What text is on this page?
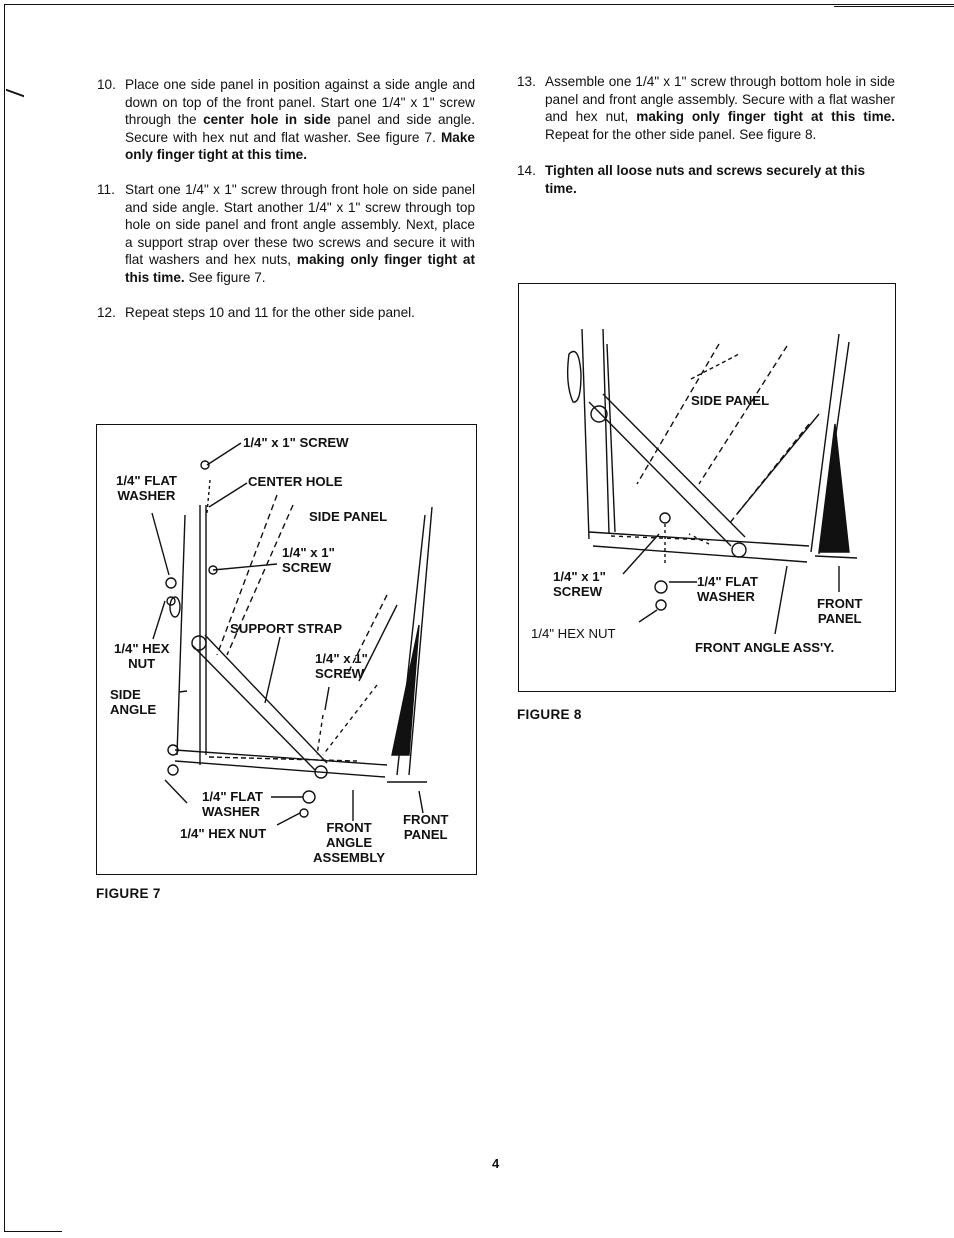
10. Place one side panel in position against a side angle and down on top of the front panel. Start one 1/4" x 1" screw through the center hole in side panel and side angle. Secure with hex nut and flat washer. See figure 7. Make only finger tight at this time.

11. Start one 1/4" x 1" screw through front hole on side panel and side angle. Start another 1/4" x 1" screw through top hole on side panel and front angle assembly. Next, place a support strap over these two screws and secure it with flat washers and hex nuts, making only finger tight at this time. See figure 7.

12. Repeat steps 10 and 11 for the other side panel.

13. Assemble one 1/4" x 1" screw through bottom hole in side panel and front angle assembly. Secure with a flat washer and hex nut, making only finger tight at this time. Repeat for the other side panel. See figure 8.

14. Tighten all loose nuts and screws securely at this time.

1/4" x 1" SCREW
1/4" FLAT
WASHER
CENTER HOLE
SIDE PANEL
1/4" x 1"
SCREW
SUPPORT STRAP
1/4" x 1"
SCREW
1/4" HEX
NUT
SIDE
ANGLE
1/4" FLAT
WASHER
1/4" HEX NUT	FRONT
ANGLE
ASSEMBLY
FRONT
PANEL
FIGURE 7
SIDE PANEL
1/4" x 1"
SCREW
1/4" FLAT
WASHER	FRONT
PANEL
1/4" HEX NUT
FRONT ANGLE ASS'Y.
FIGURE 8
4
